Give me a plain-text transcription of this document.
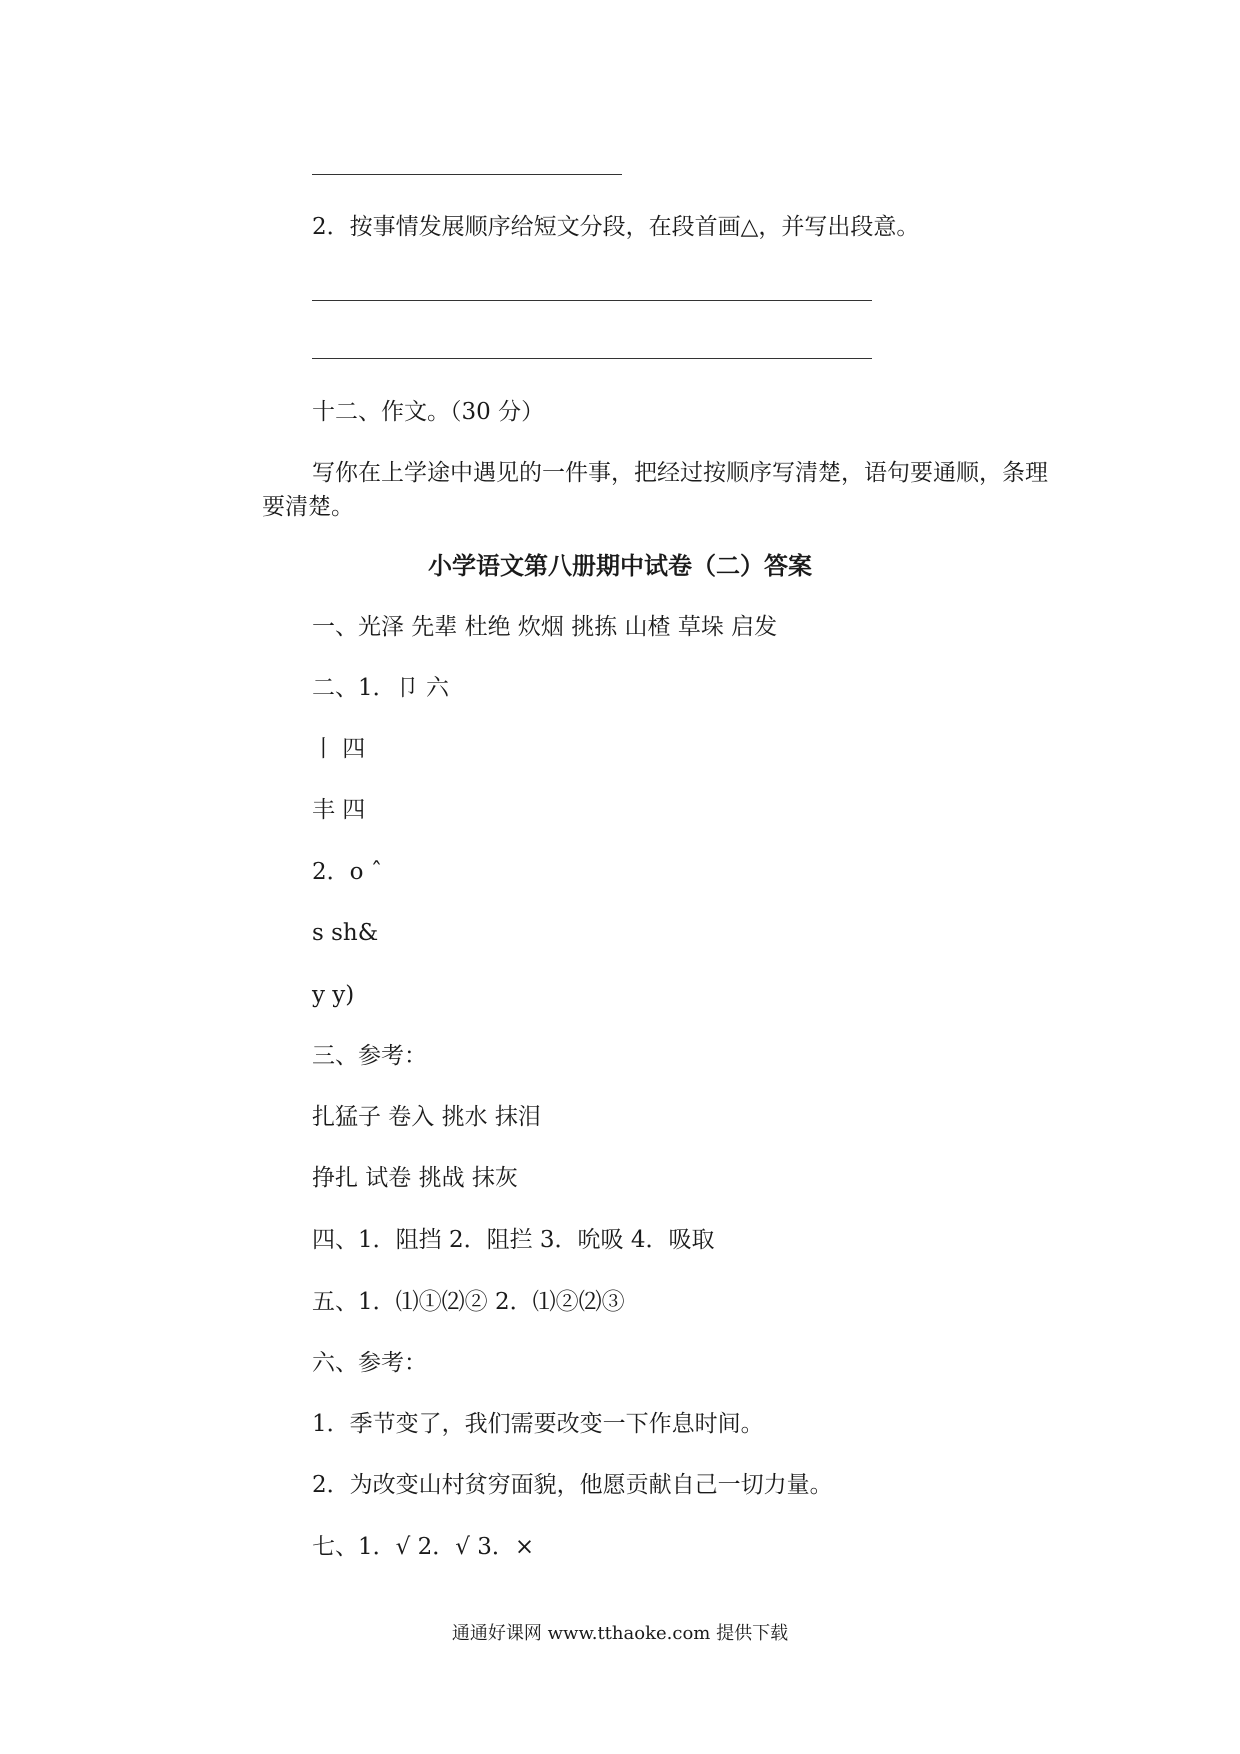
2．按事情发展顺序给短文分段，在段首画△，并写出段意。
十二、作文。（30 分）
写你在上学途中遇见的一件事，把经过按顺序写清楚，语句要通顺，条理要清楚。
小学语文第八册期中试卷（二）答案
一、光泽 先辈 杜绝 炊烟 挑拣 山楂 草垛 启发
二、1．卩 六
丨 四
丰 四
2．o ˆ
s sh&
y y)
三、参考：
扎猛子 卷入 挑水 抹泪
挣扎 试卷 挑战 抹灰
四、1．阻挡 2．阻拦 3．吮吸 4．吸取
五、1．⑴①⑵② 2．⑴②⑵③
六、参考：
1．季节变了，我们需要改变一下作息时间。
2．为改变山村贫穷面貌，他愿贡献自己一切力量。
七、1．√ 2．√ 3．×
通通好课网 www.tthaoke.com 提供下载
